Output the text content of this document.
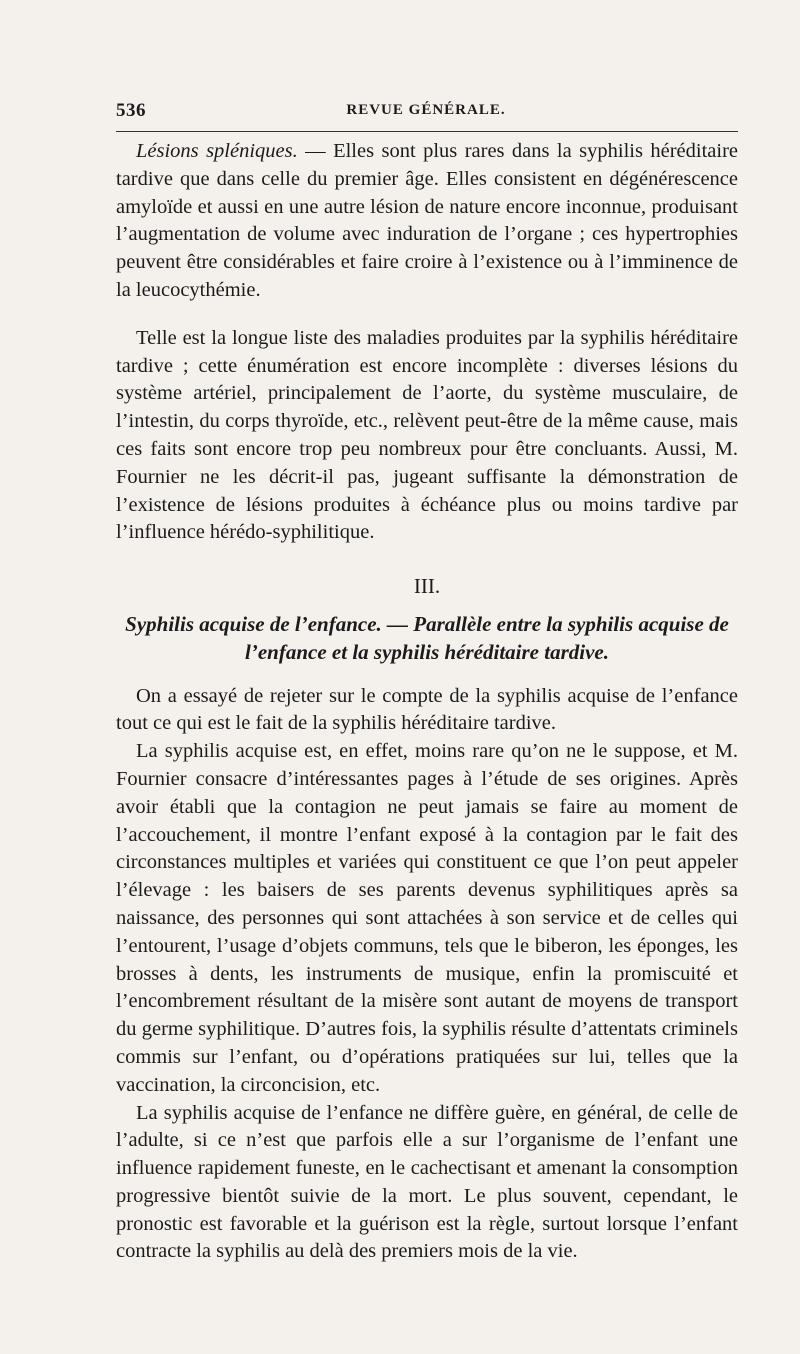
536	REVUE GÉNÉRALE.

Lésions spléniques. — Elles sont plus rares dans la syphilis héréditaire tardive que dans celle du premier âge. Elles consistent en dégénérescence amyloïde et aussi en une autre lésion de nature encore inconnue, produisant l’augmentation de volume avec induration de l’organe ; ces hypertrophies peuvent être considérables et faire croire à l’existence ou à l’imminence de la leucocythémie.

Telle est la longue liste des maladies produites par la syphilis héréditaire tardive ; cette énumération est encore incomplète : diverses lésions du système artériel, principalement de l’aorte, du système musculaire, de l’intestin, du corps thyroïde, etc., relèvent peut-être de la même cause, mais ces faits sont encore trop peu nombreux pour être concluants. Aussi, M. Fournier ne les décrit-il pas, jugeant suffisante la démonstration de l’existence de lésions produites à échéance plus ou moins tardive par l’influence hérédo-syphilitique.

III.
Syphilis acquise de l’enfance. — Parallèle entre la syphilis acquise de
l’enfance et la syphilis héréditaire tardive.

On a essayé de rejeter sur le compte de la syphilis acquise de l’enfance tout ce qui est le fait de la syphilis héréditaire tardive.

La syphilis acquise est, en effet, moins rare qu’on ne le suppose, et M. Fournier consacre d’intéressantes pages à l’étude de ses origines. Après avoir établi que la contagion ne peut jamais se faire au moment de l’accouchement, il montre l’enfant exposé à la contagion par le fait des circonstances multiples et variées qui constituent ce que l’on peut appeler l’élevage : les baisers de ses parents devenus syphilitiques après sa naissance, des personnes qui sont attachées à son service et de celles qui l’entourent, l’usage d’objets communs, tels que le biberon, les éponges, les brosses à dents, les instruments de musique, enfin la promiscuité et l’encombrement résultant de la misère sont autant de moyens de transport du germe syphilitique. D’autres fois, la syphilis résulte d’attentats criminels commis sur l’enfant, ou d’opérations pratiquées sur lui, telles que la vaccination, la circoncision, etc.

La syphilis acquise de l’enfance ne diffère guère, en général, de celle de l’adulte, si ce n’est que parfois elle a sur l’organisme de l’enfant une influence rapidement funeste, en le cachectisant et amenant la consomption progressive bientôt suivie de la mort. Le plus souvent, cependant, le pronostic est favorable et la guérison est la règle, surtout lorsque l’enfant contracte la syphilis au delà des premiers mois de la vie.
